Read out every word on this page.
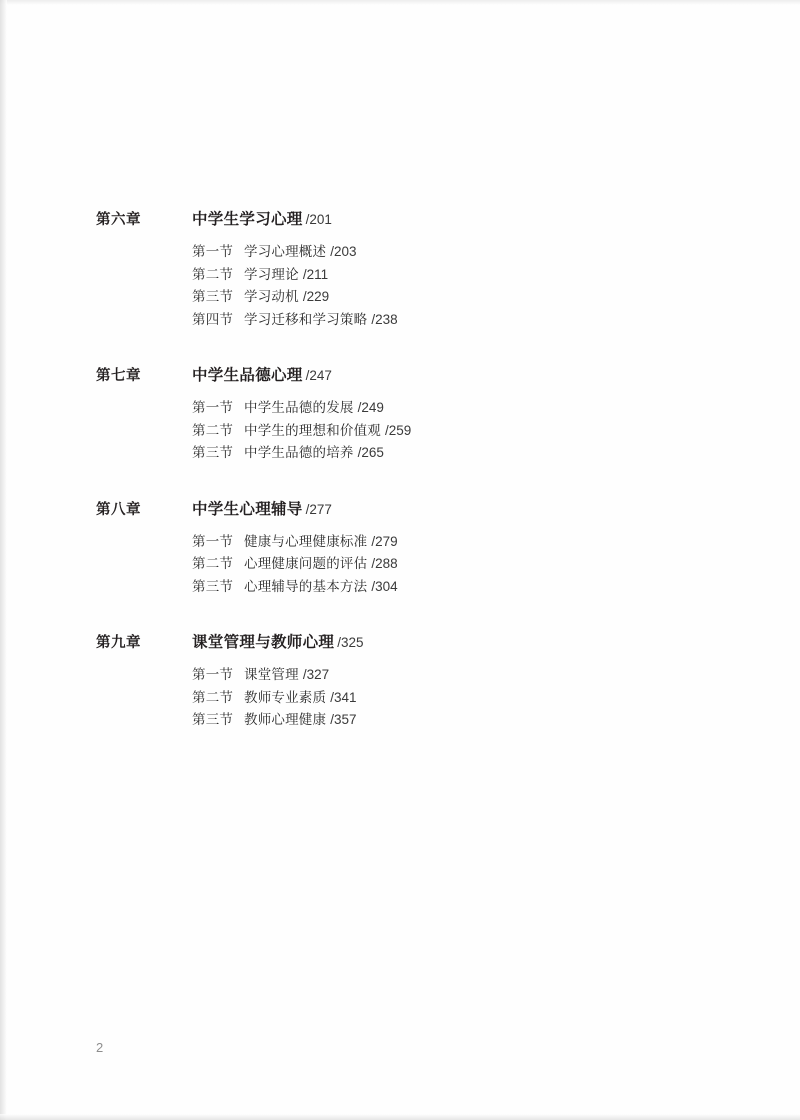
第六章	中学生学习心理 /201
第一节 学习心理概述 /203
第二节 学习理论 /211
第三节 学习动机 /229
第四节 学习迁移和学习策略 /238
第七章	中学生品德心理 /247
第一节 中学生品德的发展 /249
第二节 中学生的理想和价值观 /259
第三节 中学生品德的培养 /265
第八章	中学生心理辅导 /277
第一节 健康与心理健康标准 /279
第二节 心理健康问题的评估 /288
第三节 心理辅导的基本方法 /304
第九章	课堂管理与教师心理 /325
第一节 课堂管理 /327
第二节 教师专业素质 /341
第三节 教师心理健康 /357
2
